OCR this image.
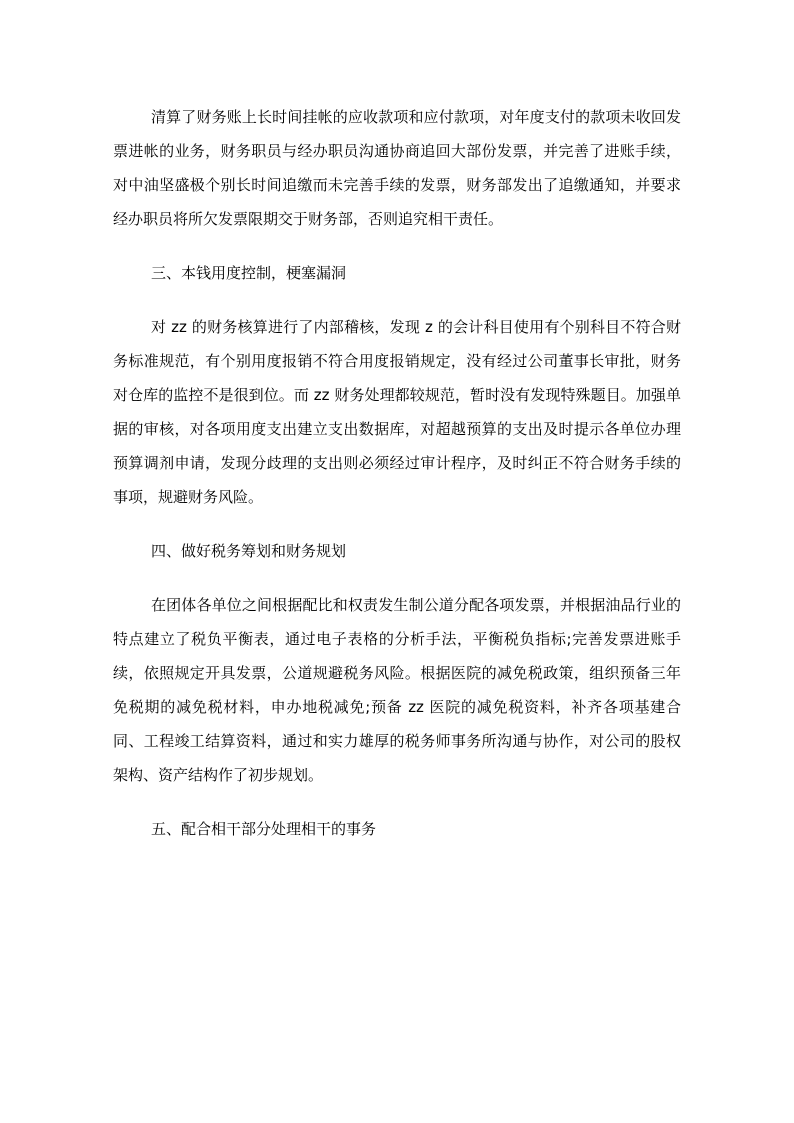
清算了财务账上长时间挂帐的应收款项和应付款项，对年度支付的款项未收回发票进帐的业务，财务职员与经办职员沟通协商追回大部份发票，并完善了进账手续，对中油坚盛极个别长时间追缴而未完善手续的发票，财务部发出了追缴通知，并要求经办职员将所欠发票限期交于财务部，否则追究相干责任。

三、本钱用度控制，梗塞漏洞

对 zz 的财务核算进行了内部稽核，发现 z 的会计科目使用有个别科目不符合财务标准规范，有个别用度报销不符合用度报销规定，没有经过公司董事长审批，财务对仓库的监控不是很到位。而 zz 财务处理都较规范，暂时没有发现特殊题目。加强单据的审核，对各项用度支出建立支出数据库，对超越预算的支出及时提示各单位办理预算调剂申请，发现分歧理的支出则必须经过审计程序，及时纠正不符合财务手续的事项，规避财务风险。

四、做好税务筹划和财务规划

在团体各单位之间根据配比和权责发生制公道分配各项发票，并根据油品行业的特点建立了税负平衡表，通过电子表格的分析手法，平衡税负指标;完善发票进账手续，依照规定开具发票，公道规避税务风险。根据医院的减免税政策，组织预备三年免税期的减免税材料，申办地税减免;预备 zz 医院的减免税资料，补齐各项基建合同、工程竣工结算资料，通过和实力雄厚的税务师事务所沟通与协作，对公司的股权架构、资产结构作了初步规划。

五、配合相干部分处理相干的事务
